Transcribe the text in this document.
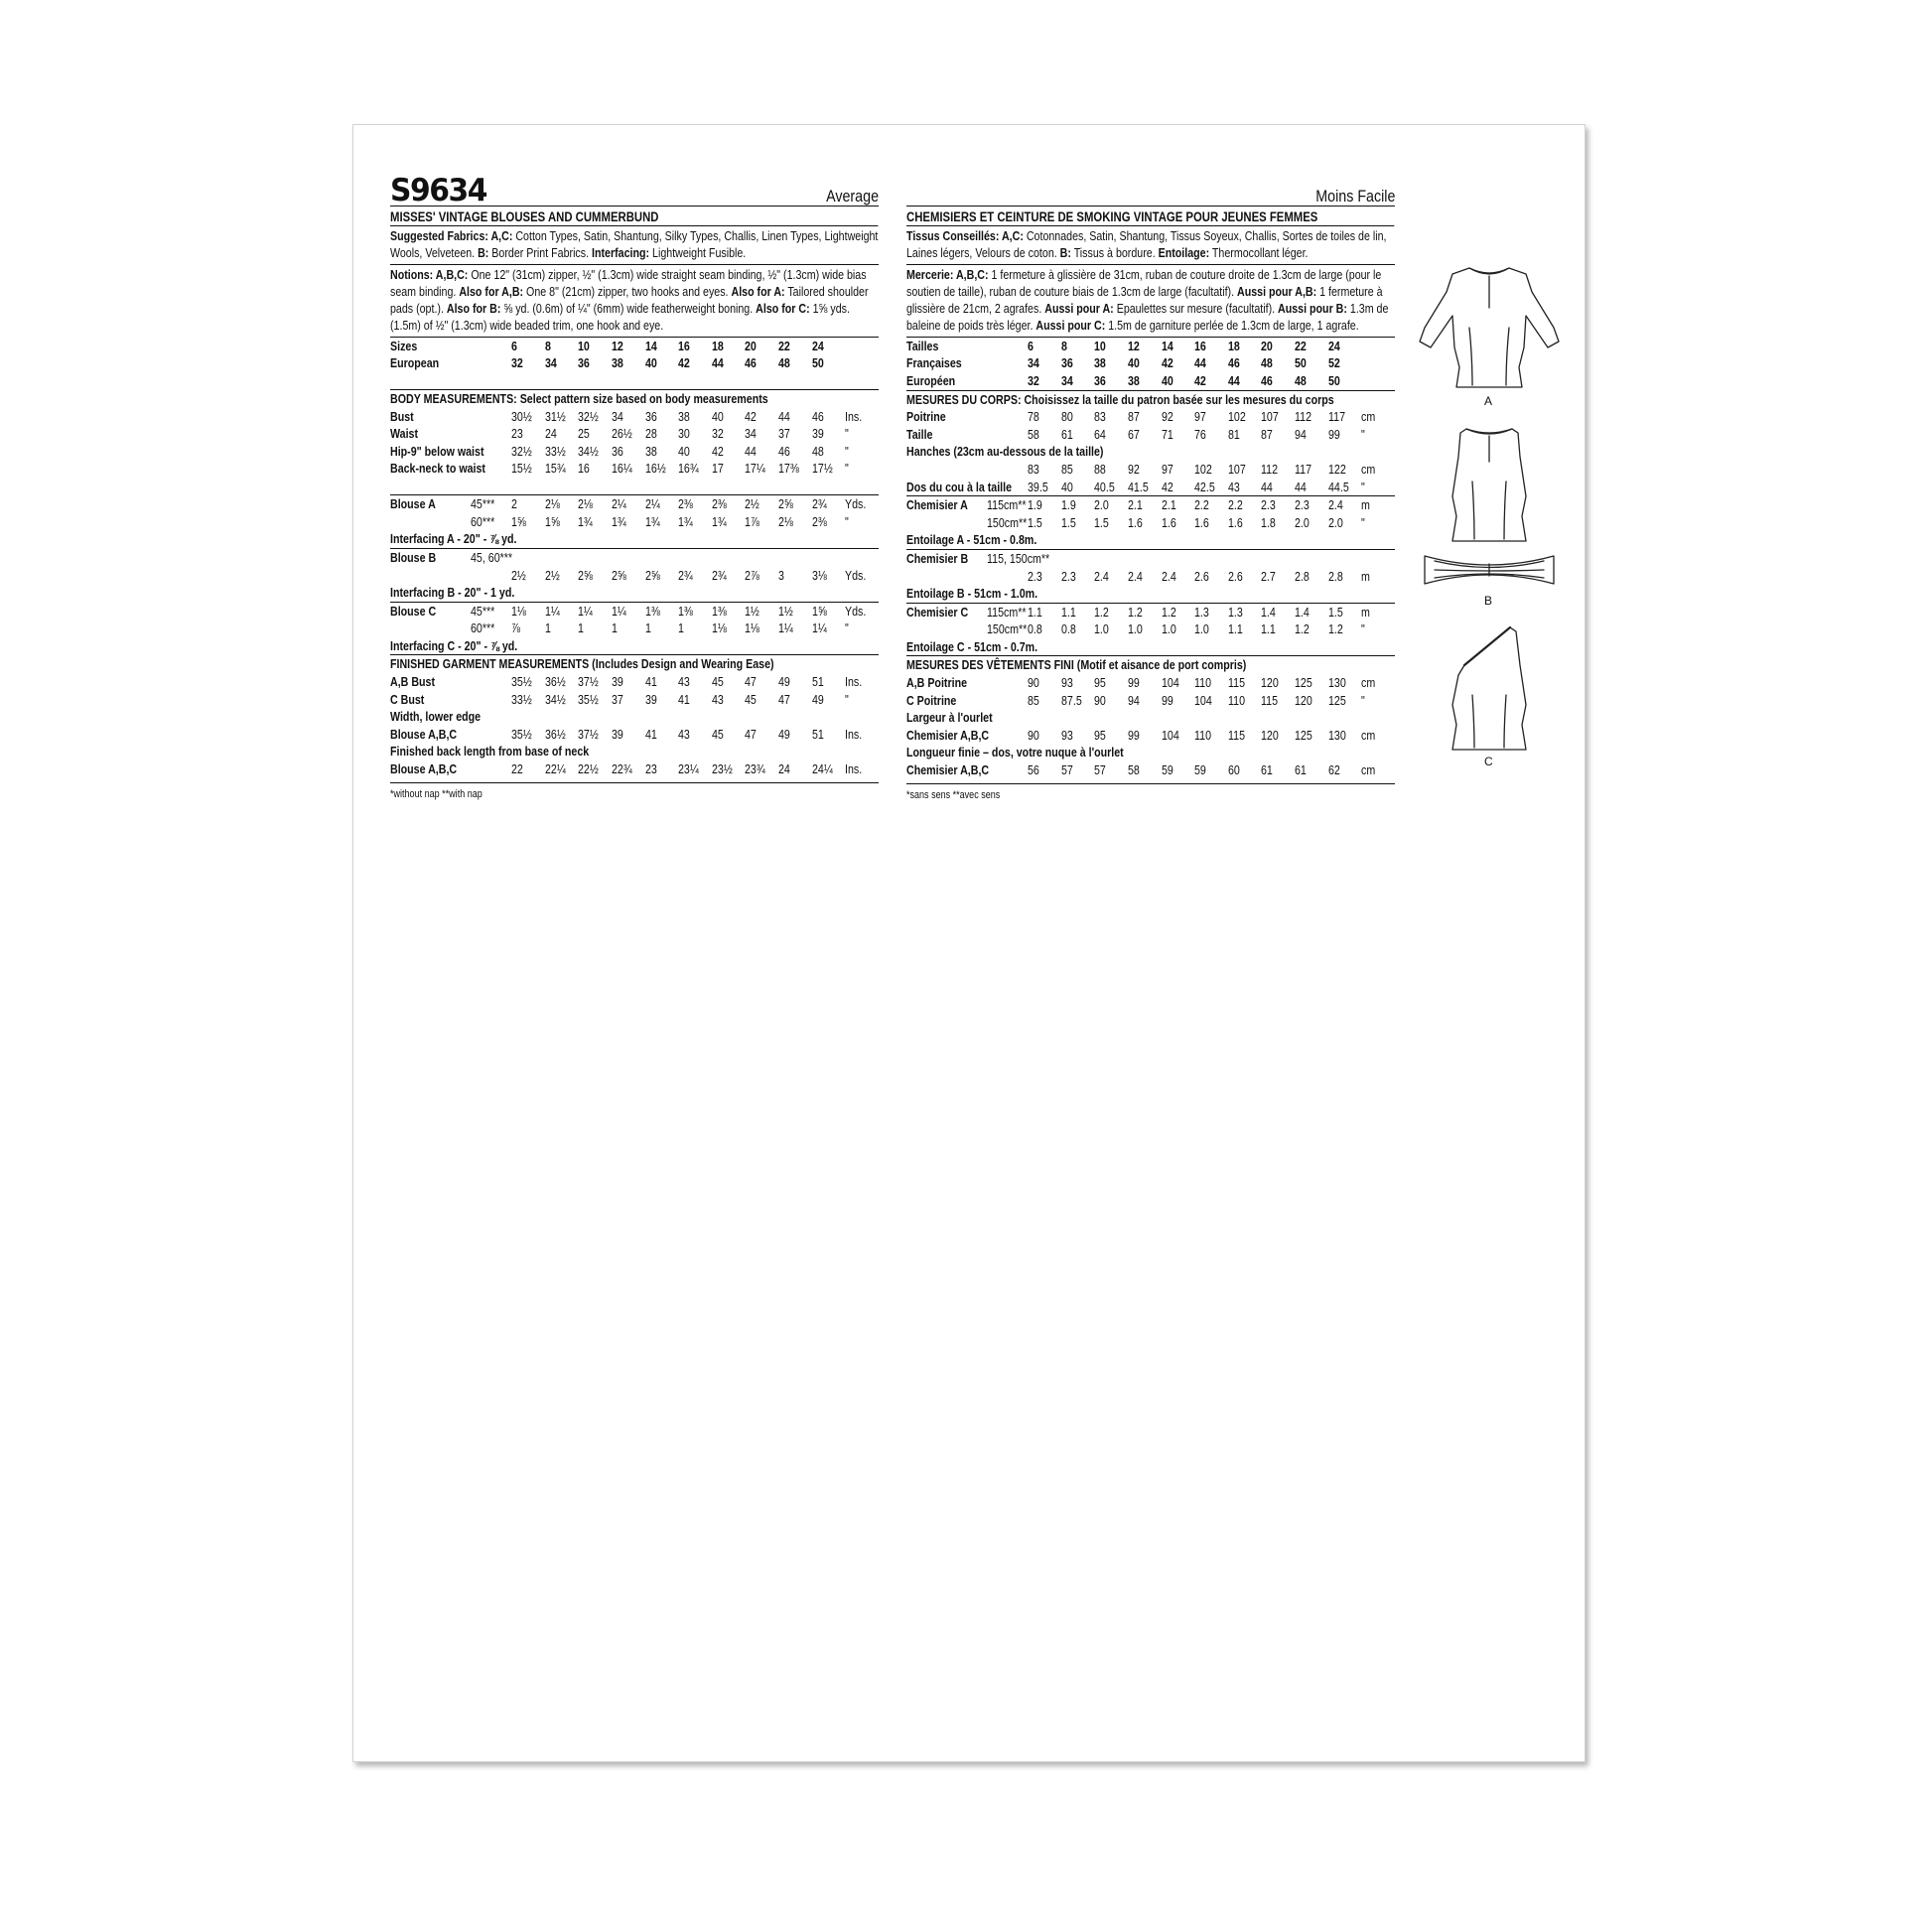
S9634	Average
MISSES' VINTAGE BLOUSES AND CUMMERBUND
Suggested Fabrics: A,C: Cotton Types, Satin, Shantung, Silky Types, Challis, Linen Types, Lightweight Wools, Velveteen. B: Border Print Fabrics. Interfacing: Lightweight Fusible.
Notions: A,B,C: One 12" (31cm) zipper, ½" (1.3cm) wide straight seam binding, ½" (1.3cm) wide bias seam binding. Also for A,B: One 8" (21cm) zipper, two hooks and eyes. Also for A: Tailored shoulder pads (opt.). Also for B: ⅝ yd. (0.6m) of ¼" (6mm) wide featherweight boning. Also for C: 1⅝ yds. (1.5m) of ½" (1.3cm) wide beaded trim, one hook and eye.
Sizes		6	8	10	12	14	16	18	20	22	24	
European		32	34	36	38	40	42	44	46	48	50	

BODY MEASUREMENTS: Select pattern size based on body measurements												
Bust		30½	31½	32½	34	36	38	40	42	44	46	Ins.
Waist		23	24	25	26½	28	30	32	34	37	39	"
Hip-9" below waist		32½	33½	34½	36	38	40	42	44	46	48	"
Back-neck to waist		15½	15¾	16	16¼	16½	16¾	17	17¼	17⅜	17½	"

Blouse A	45***	2	2⅛	2⅛	2¼	2¼	2⅜	2⅜	2½	2⅝	2¾	Yds.
	60***	1⅝	1⅝	1¾	1¾	1¾	1¾	1¾	1⅞	2⅛	2⅜	"
Interfacing A - 20" - ⅞ yd.												
Blouse B	45, 60***											
		2½	2½	2⅝	2⅝	2⅝	2¾	2¾	2⅞	3	3⅛	Yds.
Interfacing B - 20" - 1 yd.												
Blouse C	45***	1⅛	1¼	1¼	1¼	1⅜	1⅜	1⅜	1½	1½	1⅝	Yds.
	60***	⅞	1	1	1	1	1	1⅛	1⅛	1¼	1¼	"
Interfacing C - 20" - ⅞ yd.												
FINISHED GARMENT MEASUREMENTS (Includes Design and Wearing Ease)												
A,B Bust		35½	36½	37½	39	41	43	45	47	49	51	Ins.
C Bust		33½	34½	35½	37	39	41	43	45	47	49	"
Width, lower edge												
Blouse A,B,C		35½	36½	37½	39	41	43	45	47	49	51	Ins.
Finished back length from base of neck												
Blouse A,B,C		22	22¼	22½	22¾	23	23¼	23½	23¾	24	24¼	Ins.
*without nap **with nap
Moins Facile
CHEMISIERS ET CEINTURE DE SMOKING VINTAGE POUR JEUNES FEMMES
Tissus Conseillés: A,C: Cotonnades, Satin, Shantung, Tissus Soyeux, Challis, Sortes de toiles de lin, Laines légers, Velours de coton. B: Tissus à bordure. Entoilage: Thermocollant léger.
Mercerie: A,B,C: 1 fermeture à glissière de 31cm, ruban de couture droite de 1.3cm de large (pour le soutien de taille), ruban de couture biais de 1.3cm de large (facultatif). Aussi pour A,B: 1 fermeture à glissière de 21cm, 2 agrafes. Aussi pour A: Epaulettes sur mesure (facultatif). Aussi pour B: 1.3m de baleine de poids très léger. Aussi pour C: 1.5m de garniture perlée de 1.3cm de large, 1 agrafe.
Tailles		6	8	10	12	14	16	18	20	22	24	
Françaises		34	36	38	40	42	44	46	48	50	52	
Européen		32	34	36	38	40	42	44	46	48	50	
MESURES DU CORPS: Choisissez la taille du patron basée sur les mesures du corps												
Poitrine		78	80	83	87	92	97	102	107	112	117	cm
Taille		58	61	64	67	71	76	81	87	94	99	"
Hanches (23cm au-dessous de la taille)												
		83	85	88	92	97	102	107	112	117	122	cm
Dos du cou à la taille		39.5	40	40.5	41.5	42	42.5	43	44	44	44.5	"
Chemisier A	115cm**	1.9	1.9	2.0	2.1	2.1	2.2	2.2	2.3	2.3	2.4	m
	150cm**	1.5	1.5	1.5	1.6	1.6	1.6	1.6	1.8	2.0	2.0	"
Entoilage A - 51cm - 0.8m.												
Chemisier B	115, 150cm**											
		2.3	2.3	2.4	2.4	2.4	2.6	2.6	2.7	2.8	2.8	m
Entoilage B - 51cm - 1.0m.												
Chemisier C	115cm**	1.1	1.1	1.2	1.2	1.2	1.3	1.3	1.4	1.4	1.5	m
	150cm**	0.8	0.8	1.0	1.0	1.0	1.0	1.1	1.1	1.2	1.2	"
Entoilage C - 51cm - 0.7m.												
MESURES DES VÊTEMENTS FINI (Motif et aisance de port compris)												
A,B Poitrine		90	93	95	99	104	110	115	120	125	130	cm
C Poitrine		85	87.5	90	94	99	104	110	115	120	125	"
Largeur à l'ourlet												
Chemisier A,B,C		90	93	95	99	104	110	115	120	125	130	cm
Longueur finie – dos, votre nuque à l'ourlet												
Chemisier A,B,C		56	57	57	58	59	59	60	61	61	62	cm
*sans sens **avec sens
A
B
C
